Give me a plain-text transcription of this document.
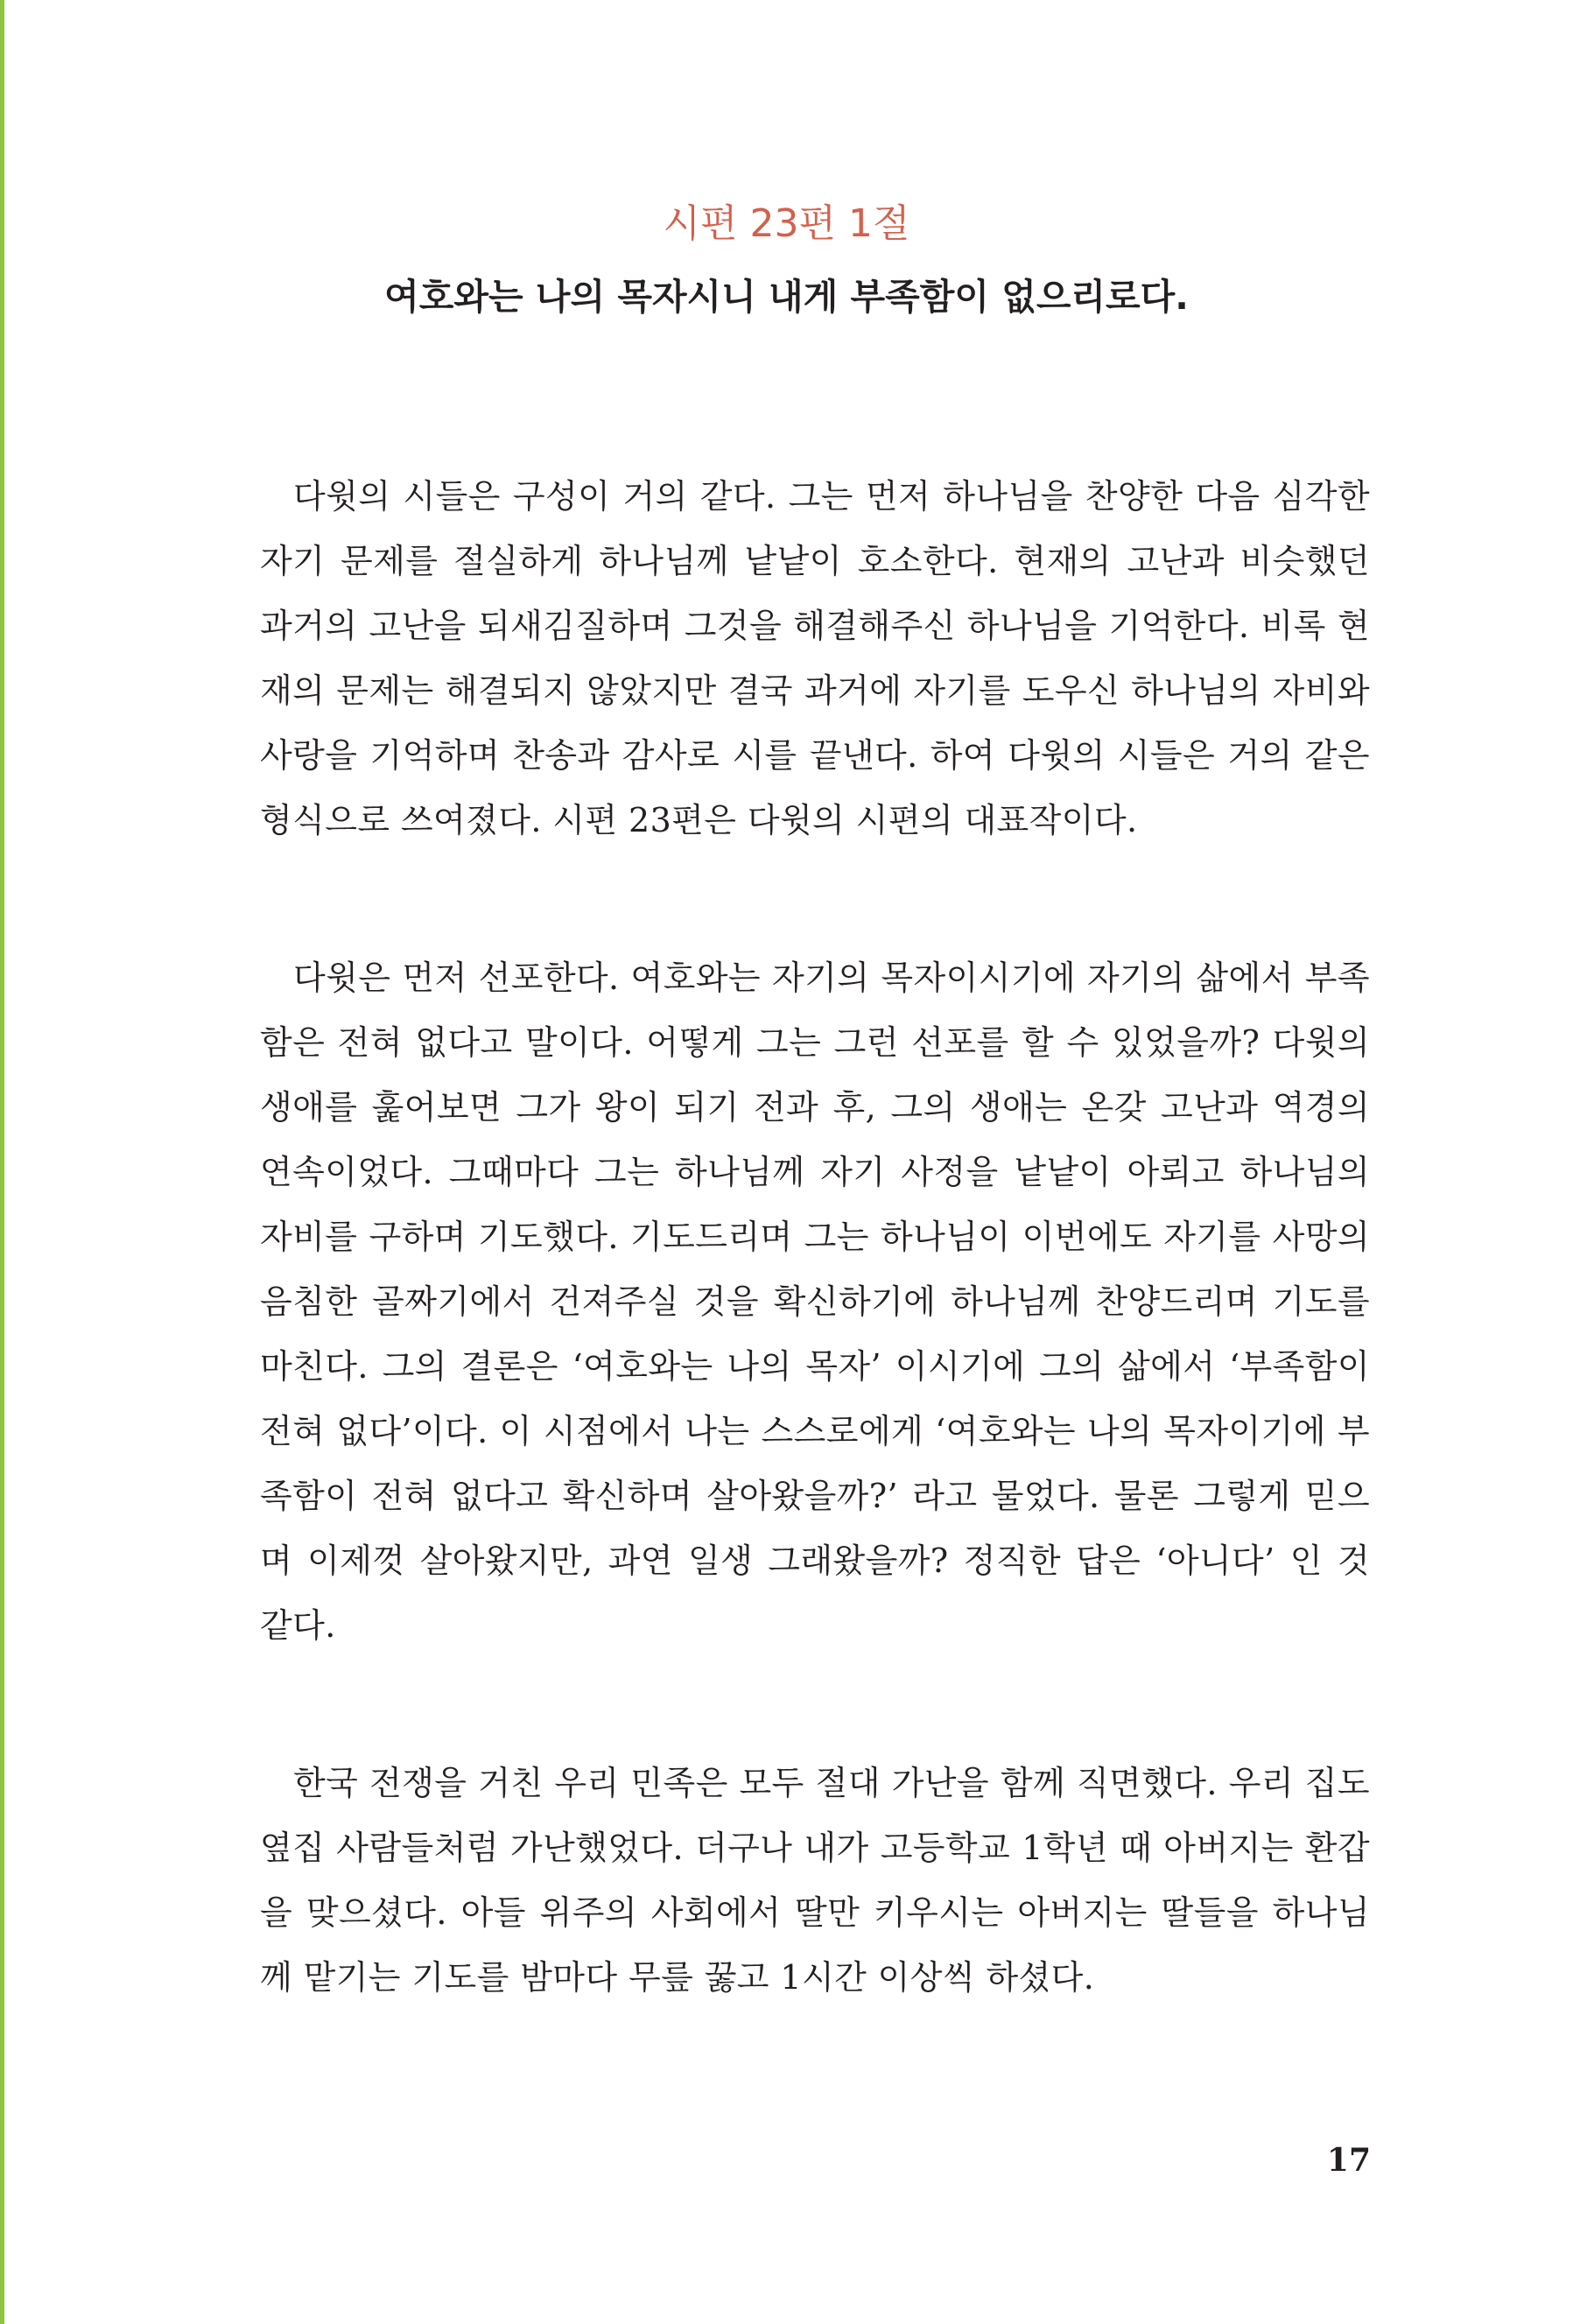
시편 23편 1절
여호와는 나의 목자시니 내게 부족함이 없으리로다.

다윗의 시들은 구성이 거의 같다. 그는 먼저 하나님을 찬양한 다음 심각한 자기 문제를 절실하게 하나님께 낱낱이 호소한다. 현재의 고난과 비슷했던 과거의 고난을 되새김질하며 그것을 해결해주신 하나님을 기억한다. 비록 현재의 문제는 해결되지 않았지만 결국 과거에 자기를 도우신 하나님의 자비와 사랑을 기억하며 찬송과 감사로 시를 끝낸다. 하여 다윗의 시들은 거의 같은 형식으로 쓰여졌다. 시편 23편은 다윗의 시편의 대표작이다.

다윗은 먼저 선포한다. 여호와는 자기의 목자이시기에 자기의 삶에서 부족함은 전혀 없다고 말이다. 어떻게 그는 그런 선포를 할 수 있었을까? 다윗의 생애를 훑어보면 그가 왕이 되기 전과 후, 그의 생애는 온갖 고난과 역경의 연속이었다. 그때마다 그는 하나님께 자기 사정을 낱낱이 아뢰고 하나님의 자비를 구하며 기도했다. 기도드리며 그는 하나님이 이번에도 자기를 사망의 음침한 골짜기에서 건져주실 것을 확신하기에 하나님께 찬양드리며 기도를 마친다. 그의 결론은 ‘여호와는 나의 목자’ 이시기에 그의 삶에서 ‘부족함이 전혀 없다’이다. 이 시점에서 나는 스스로에게 ‘여호와는 나의 목자이기에 부족함이 전혀 없다고 확신하며 살아왔을까?’ 라고 물었다. 물론 그렇게 믿으며 이제껏 살아왔지만, 과연 일생 그래왔을까? 정직한 답은 ‘아니다’ 인 것 같다.

한국 전쟁을 거친 우리 민족은 모두 절대 가난을 함께 직면했다. 우리 집도 옆집 사람들처럼 가난했었다. 더구나 내가 고등학교 1학년 때 아버지는 환갑을 맞으셨다. 아들 위주의 사회에서 딸만 키우시는 아버지는 딸들을 하나님께 맡기는 기도를 밤마다 무릎 꿇고 1시간 이상씩 하셨다.

17
